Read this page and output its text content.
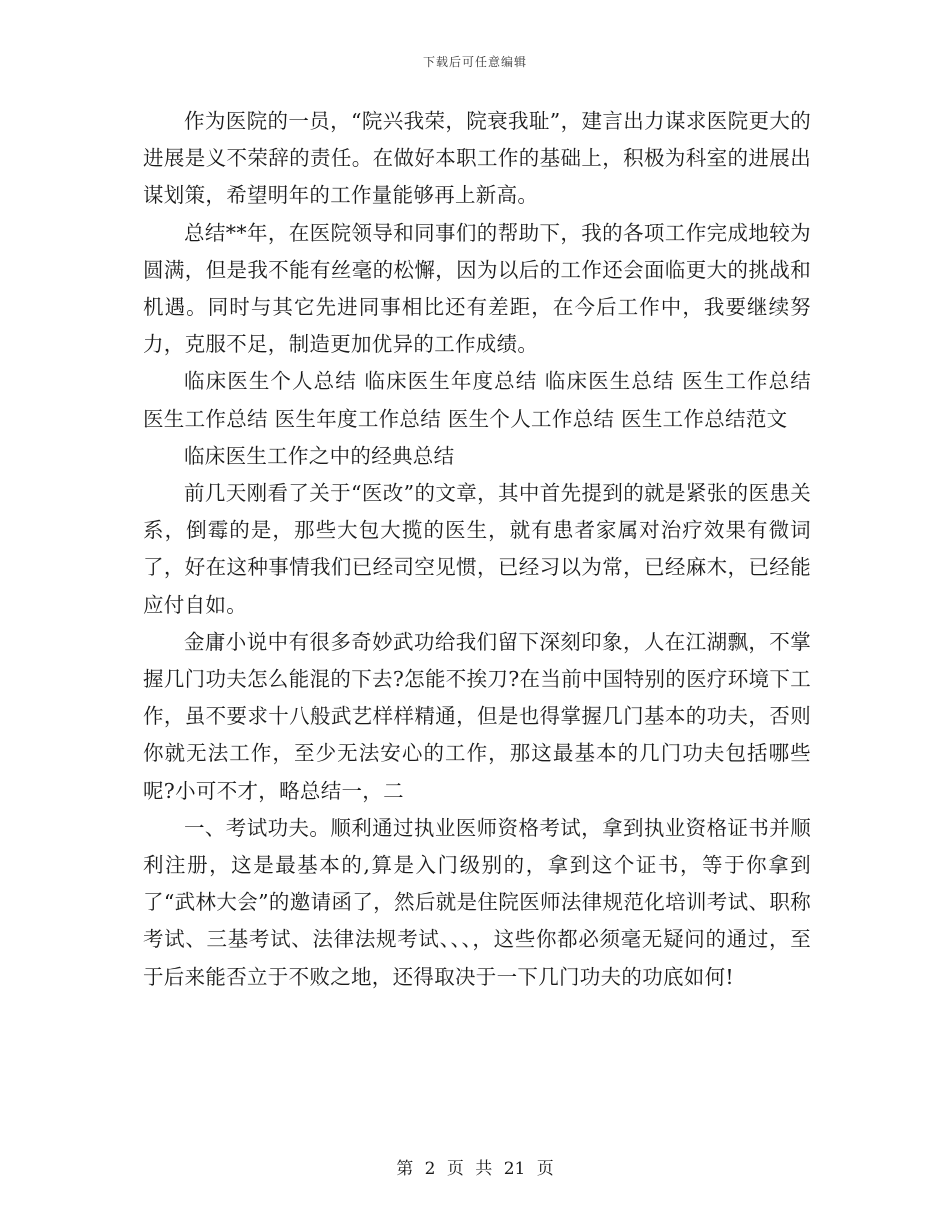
下载后可任意编辑

作为医院的一员，“院兴我荣，院衰我耻”，建言出力谋求医院更大的进展是义不荣辞的责任。在做好本职工作的基础上，积极为科室的进展出谋划策，希望明年的工作量能够再上新高。

总结**年，在医院领导和同事们的帮助下，我的各项工作完成地较为圆满，但是我不能有丝毫的松懈，因为以后的工作还会面临更大的挑战和机遇。同时与其它先进同事相比还有差距，在今后工作中，我要继续努力，克服不足，制造更加优异的工作成绩。

临床医生个人总结 临床医生年度总结 临床医生总结 医生工作总结 医生工作总结 医生年度工作总结 医生个人工作总结 医生工作总结范文

临床医生工作之中的经典总结

前几天刚看了关于“医改”的文章，其中首先提到的就是紧张的医患关系，倒霉的是，那些大包大揽的医生，就有患者家属对治疗效果有微词了，好在这种事情我们已经司空见惯，已经习以为常，已经麻木，已经能应付自如。

金庸小说中有很多奇妙武功给我们留下深刻印象，人在江湖飘，不掌握几门功夫怎么能混的下去?怎能不挨刀?在当前中国特别的医疗环境下工作，虽不要求十八般武艺样样精通，但是也得掌握几门基本的功夫，否则你就无法工作，至少无法安心的工作，那这最基本的几门功夫包括哪些呢?小可不才，略总结一，二

一、考试功夫。顺利通过执业医师资格考试，拿到执业资格证书并顺利注册，这是最基本的,算是入门级别的，拿到这个证书，等于你拿到了“武林大会”的邀请函了，然后就是住院医师法律规范化培训考试、职称考试、三基考试、法律法规考试、、、，这些你都必须毫无疑问的通过，至于后来能否立于不败之地，还得取决于一下几门功夫的功底如何!

第 2 页 共 21 页
